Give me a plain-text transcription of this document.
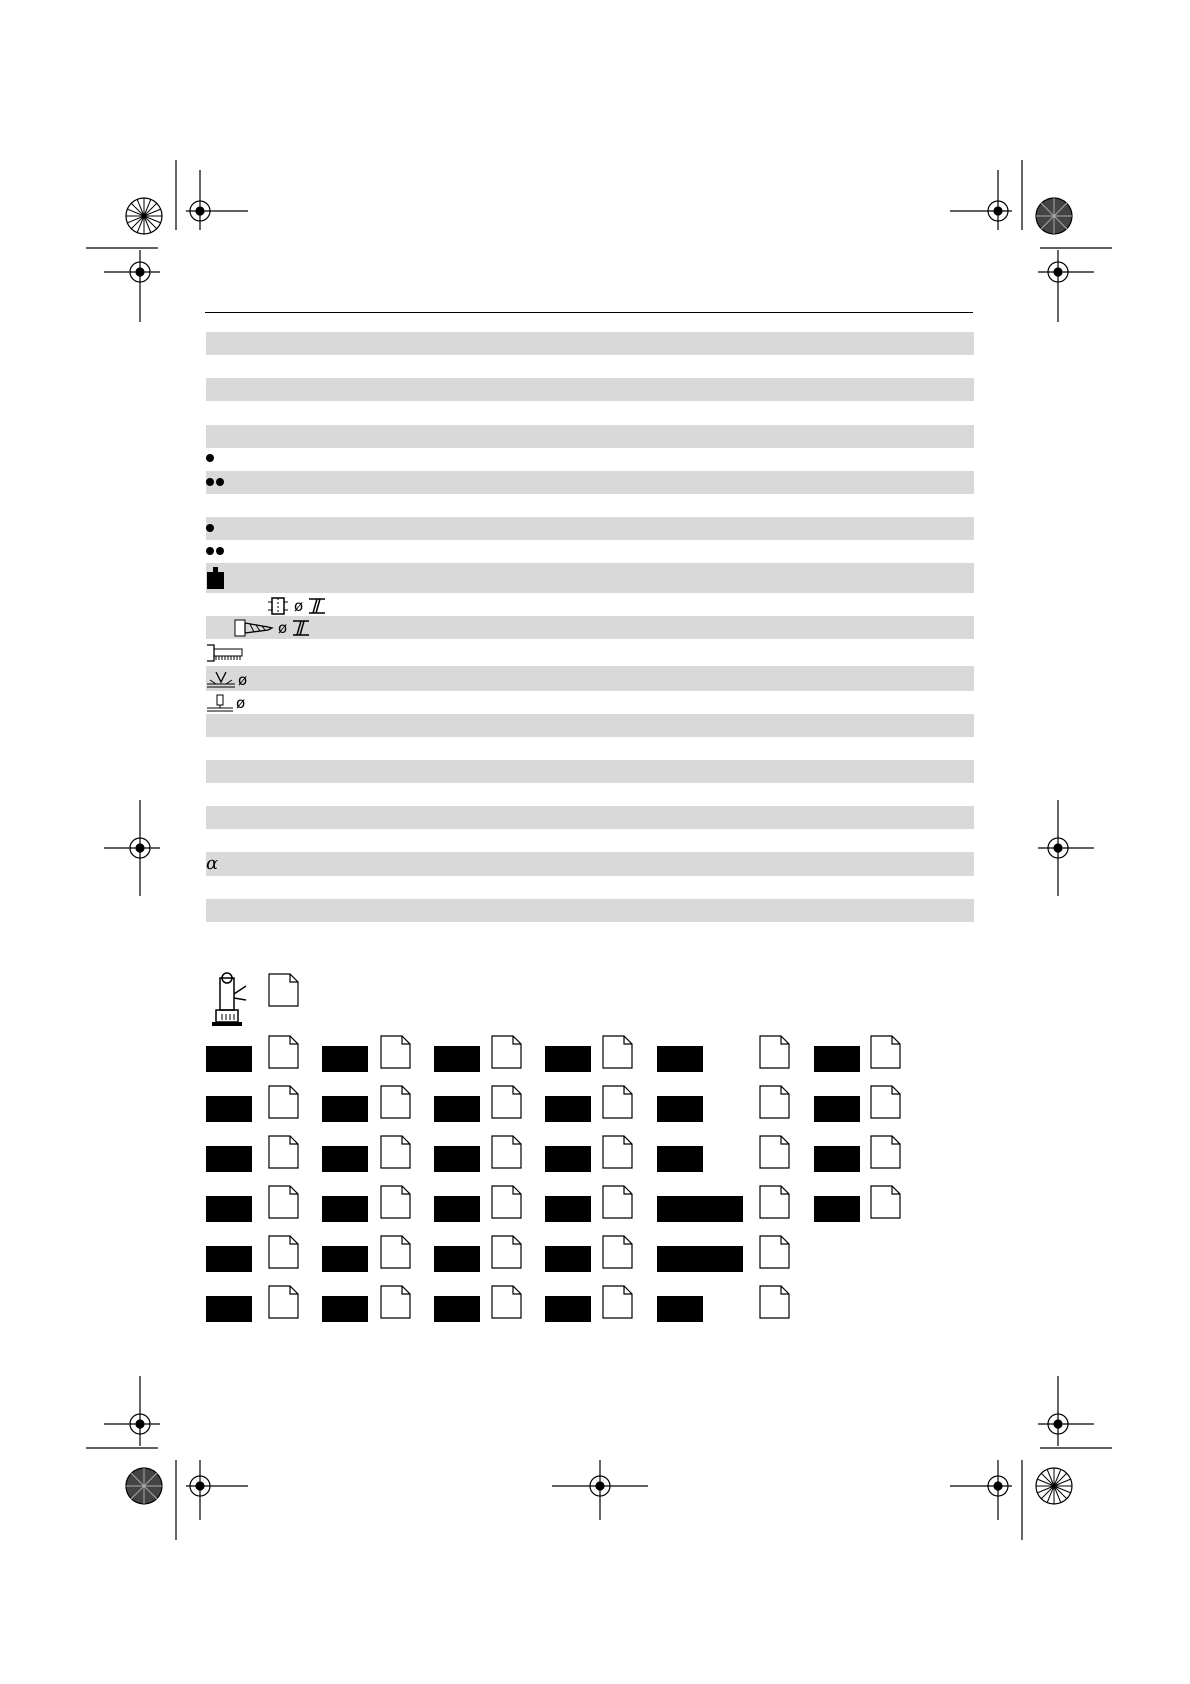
ø
ø
ø
ø
α
